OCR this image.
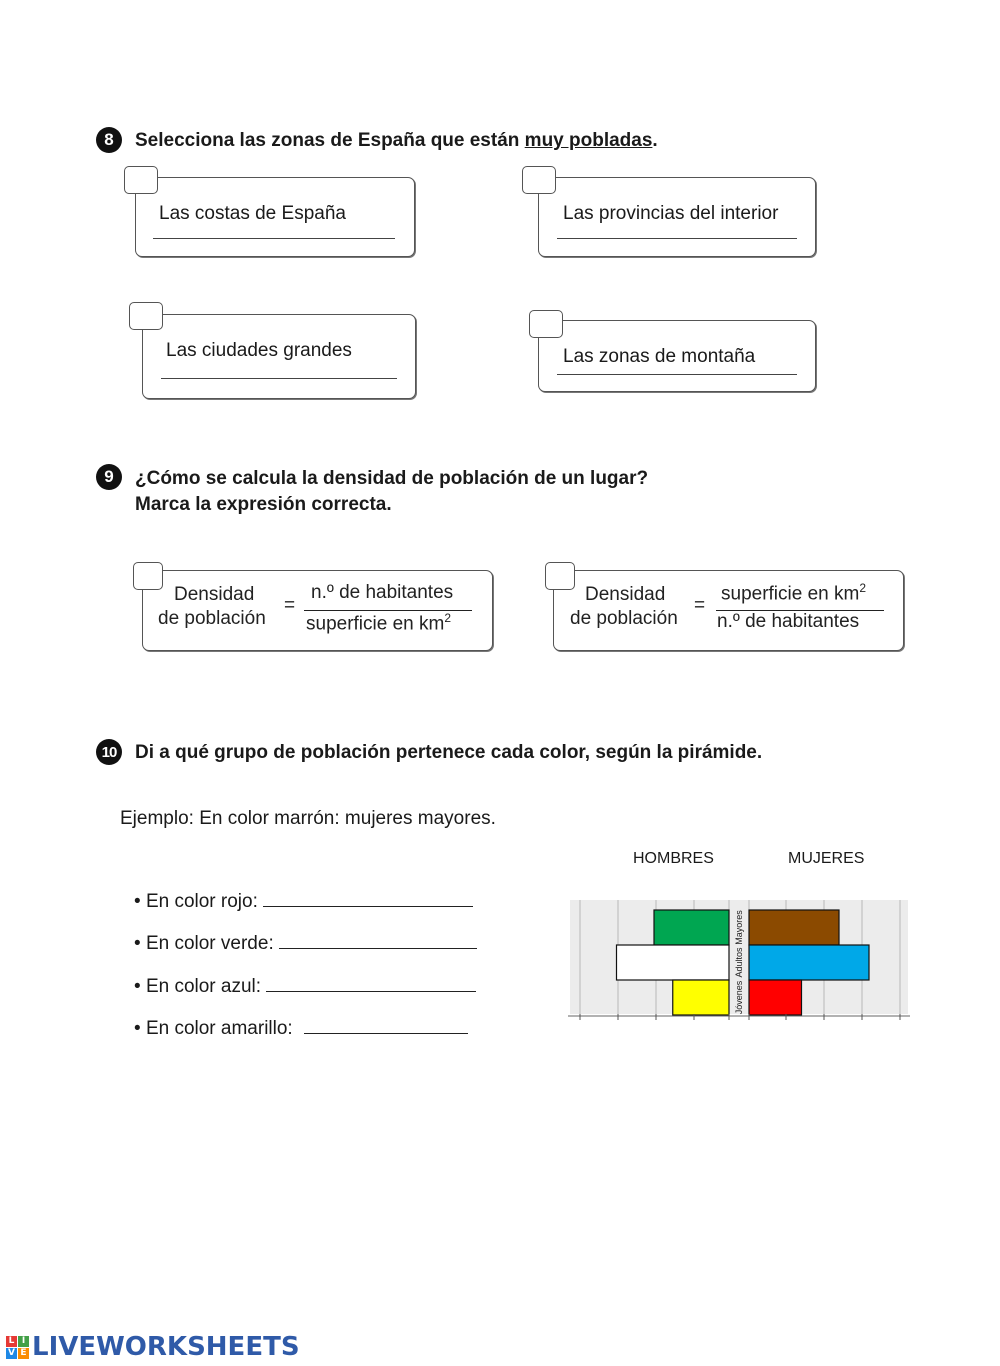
8	Selecciona las zonas de España que están muy pobladas.
Las costas de España	Las provincias del interior
Las ciudades grandes	Las zonas de montaña
9	¿Cómo se calcula la densidad de población de un lugar?
Marca la expresión correcta.
Densidad
de población
=
n.º de habitantes
superficie en $km^2$
Densidad
de población
=
superficie en $km^2$
n.º de habitantes
10 Di a qué grupo de población pertenece cada color, según la pirámide.
Ejemplo: En color marrón: mujeres mayores.
• En color rojo:
• En color verde:
• En color azul:
• En color amarillo:
HOMBRES	MUJERES
Mayores
Adultos
Jóvenes
L I
V E LIVEWORKSHEETS
